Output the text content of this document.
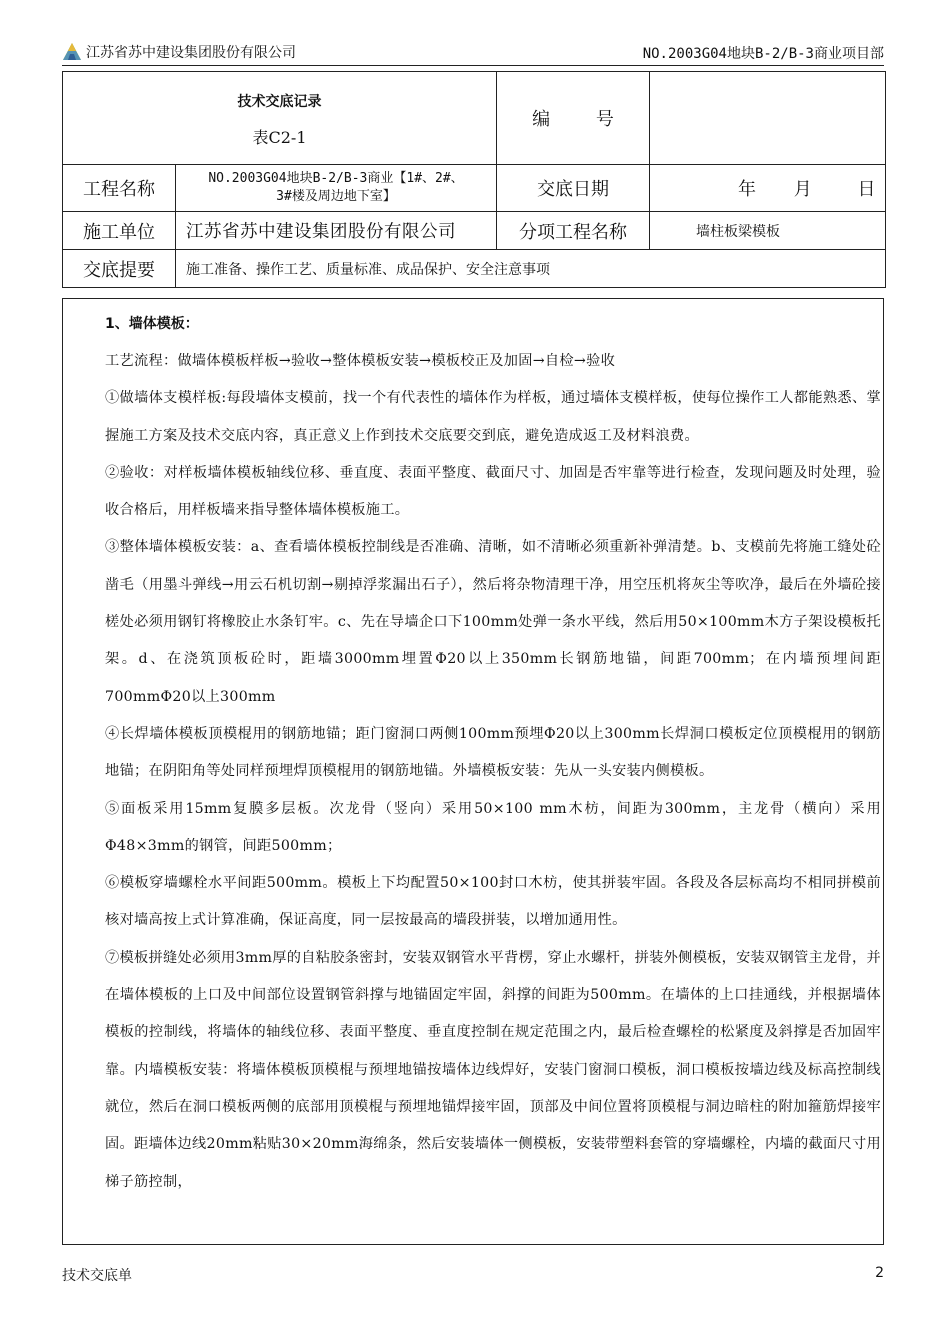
江苏省苏中建设集团股份有限公司	NO.2003G04地块B-2/B-3商业项目部
技术交底记录
表C2-1		编 号	
工程名称	NO.2003G04地块B-2/B-3商业【1#、2#、
3#楼及周边地下室】	交底日期	年 月 日
施工单位	江苏省苏中建设集团股份有限公司	分项工程名称	墙柱板梁模板
交底提要	施工准备、操作工艺、质量标准、成品保护、安全注意事项		
1、墙体模板：

工艺流程：做墙体模板样板→验收→整体模板安装→模板校正及加固→自检→验收

①做墙体支模样板:每段墙体支模前，找一个有代表性的墙体作为样板，通过墙体支模样板，使每位操作工人都能熟悉、掌握施工方案及技术交底内容，真正意义上作到技术交底要交到底，避免造成返工及材料浪费。

②验收：对样板墙体模板轴线位移、垂直度、表面平整度、截面尺寸、加固是否牢靠等进行检查，发现问题及时处理，验收合格后，用样板墙来指导整体墙体模板施工。

③整体墙体模板安装：a、查看墙体模板控制线是否准确、清晰，如不清晰必须重新补弹清楚。b、支模前先将施工缝处砼凿毛（用墨斗弹线→用云石机切割→剔掉浮浆漏出石子），然后将杂物清理干净，用空压机将灰尘等吹净，最后在外墙砼接槎处必须用钢钉将橡胶止水条钉牢。c、先在导墙企口下100mm处弹一条水平线，然后用50×100mm木方子架设模板托架。d、在浇筑顶板砼时，距墙3000mm埋置Φ20以上350mm长钢筋地锚，间距700mm；在内墙预埋间距700mmΦ20以上300mm

④长焊墙体模板顶模棍用的钢筋地锚；距门窗洞口两侧100mm预埋Φ20以上300mm长焊洞口模板定位顶模棍用的钢筋地锚；在阴阳角等处同样预埋焊顶模棍用的钢筋地锚。外墙模板安装：先从一头安装内侧模板。

⑤面板采用15mm复膜多层板。次龙骨（竖向）采用50×100 mm木枋，间距为300mm，主龙骨（横向）采用Φ48×3mm的钢管，间距500mm；

⑥模板穿墙螺栓水平间距500mm。模板上下均配置50×100封口木枋，使其拼装牢固。各段及各层标高均不相同拼模前核对墙高按上式计算准确，保证高度，同一层按最高的墙段拼装，以增加通用性。

⑦模板拼缝处必须用3mm厚的自粘胶条密封，安装双钢管水平背楞，穿止水螺杆，拼装外侧模板，安装双钢管主龙骨，并在墙体模板的上口及中间部位设置钢管斜撑与地锚固定牢固，斜撑的间距为500mm。在墙体的上口挂通线，并根据墙体模板的控制线，将墙体的轴线位移、表面平整度、垂直度控制在规定范围之内，最后检查螺栓的松紧度及斜撑是否加固牢靠。内墙模板安装：将墙体模板顶模棍与预埋地锚按墙体边线焊好，安装门窗洞口模板，洞口模板按墙边线及标高控制线就位，然后在洞口模板两侧的底部用顶模棍与预埋地锚焊接牢固，顶部及中间位置将顶模棍与洞边暗柱的附加箍筋焊接牢固。距墙体边线20mm粘贴30×20mm海绵条，然后安装墙体一侧模板，安装带塑料套管的穿墙螺栓，内墙的截面尺寸用梯子筋控制，

技术交底单	2
